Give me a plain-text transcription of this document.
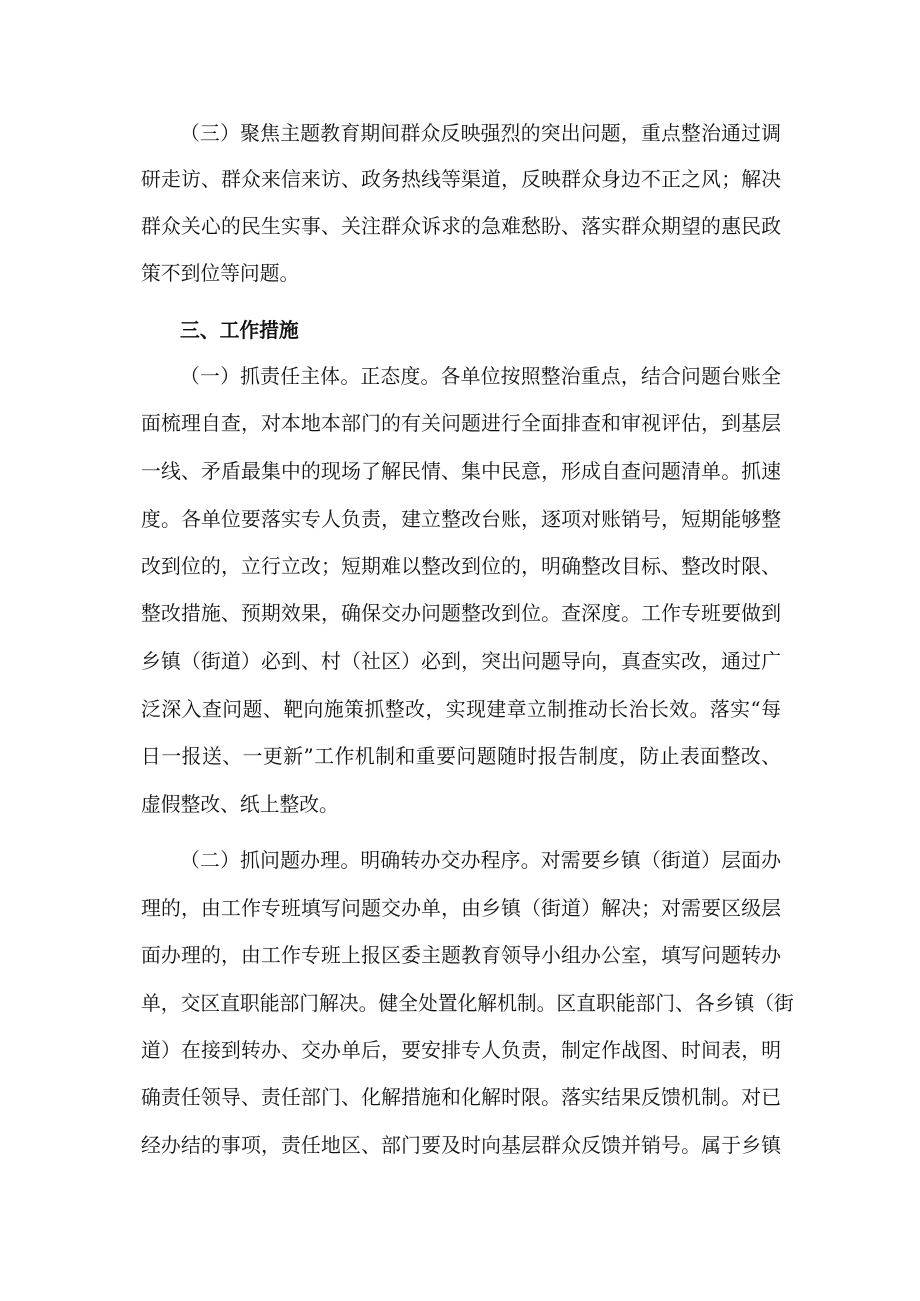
（三）聚焦主题教育期间群众反映强烈的突出问题，重点整治通过调
研走访、群众来信来访、政务热线等渠道，反映群众身边不正之风；解决
群众关心的民生实事、关注群众诉求的急难愁盼、落实群众期望的惠民政
策不到位等问题。
三、工作措施
（一）抓责任主体。正态度。各单位按照整治重点，结合问题台账全
面梳理自查，对本地本部门的有关问题进行全面排查和审视评估，到基层
一线、矛盾最集中的现场了解民情、集中民意，形成自查问题清单。抓速
度。各单位要落实专人负责，建立整改台账，逐项对账销号，短期能够整
改到位的，立行立改；短期难以整改到位的，明确整改目标、整改时限、
整改措施、预期效果，确保交办问题整改到位。查深度。工作专班要做到
乡镇（街道）必到、村（社区）必到，突出问题导向，真查实改，通过广
泛深入查问题、靶向施策抓整改，实现建章立制推动长治长效。落实“每
日一报送、一更新”工作机制和重要问题随时报告制度，防止表面整改、
虚假整改、纸上整改。
（二）抓问题办理。明确转办交办程序。对需要乡镇（街道）层面办
理的，由工作专班填写问题交办单，由乡镇（街道）解决；对需要区级层
面办理的，由工作专班上报区委主题教育领导小组办公室，填写问题转办
单，交区直职能部门解决。健全处置化解机制。区直职能部门、各乡镇（街
道）在接到转办、交办单后，要安排专人负责，制定作战图、时间表，明
确责任领导、责任部门、化解措施和化解时限。落实结果反馈机制。对已
经办结的事项，责任地区、部门要及时向基层群众反馈并销号。属于乡镇
